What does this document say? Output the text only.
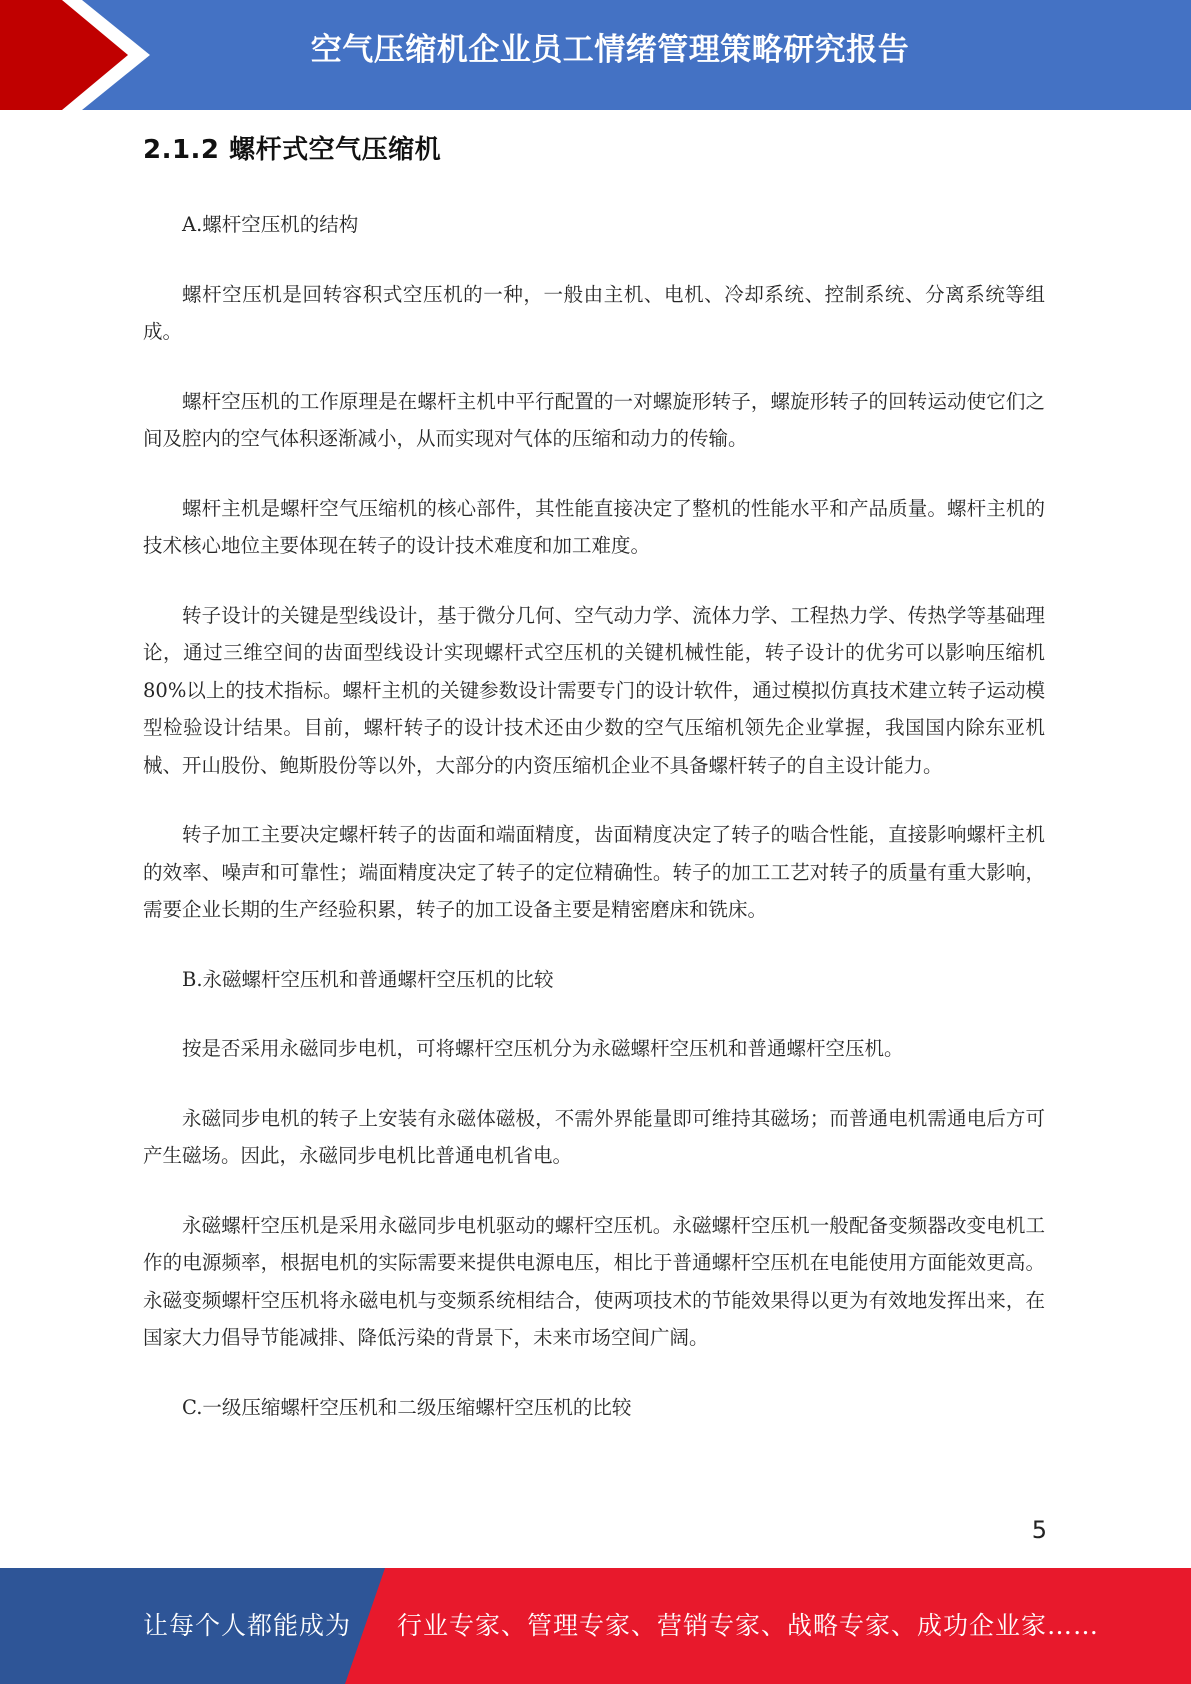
空气压缩机企业员工情绪管理策略研究报告
2.1.2 螺杆式空气压缩机

A.螺杆空压机的结构

螺杆空压机是回转容积式空压机的一种，一般由主机、电机、冷却系统、控制系统、分离系统等组成。

螺杆空压机的工作原理是在螺杆主机中平行配置的一对螺旋形转子，螺旋形转子的回转运动使它们之间及腔内的空气体积逐渐减小，从而实现对气体的压缩和动力的传输。

螺杆主机是螺杆空气压缩机的核心部件，其性能直接决定了整机的性能水平和产品质量。螺杆主机的技术核心地位主要体现在转子的设计技术难度和加工难度。

转子设计的关键是型线设计，基于微分几何、空气动力学、流体力学、工程热力学、传热学等基础理论，通过三维空间的齿面型线设计实现螺杆式空压机的关键机械性能，转子设计的优劣可以影响压缩机 80%以上的技术指标。螺杆主机的关键参数设计需要专门的设计软件，通过模拟仿真技术建立转子运动模型检验设计结果。目前，螺杆转子的设计技术还由少数的空气压缩机领先企业掌握，我国国内除东亚机械、开山股份、鲍斯股份等以外，大部分的内资压缩机企业不具备螺杆转子的自主设计能力。

转子加工主要决定螺杆转子的齿面和端面精度，齿面精度决定了转子的啮合性能，直接影响螺杆主机的效率、噪声和可靠性；端面精度决定了转子的定位精确性。转子的加工工艺对转子的质量有重大影响，需要企业长期的生产经验积累，转子的加工设备主要是精密磨床和铣床。

B.永磁螺杆空压机和普通螺杆空压机的比较

按是否采用永磁同步电机，可将螺杆空压机分为永磁螺杆空压机和普通螺杆空压机。

永磁同步电机的转子上安装有永磁体磁极，不需外界能量即可维持其磁场；而普通电机需通电后方可产生磁场。因此，永磁同步电机比普通电机省电。

永磁螺杆空压机是采用永磁同步电机驱动的螺杆空压机。永磁螺杆空压机一般配备变频器改变电机工作的电源频率，根据电机的实际需要来提供电源电压，相比于普通螺杆空压机在电能使用方面能效更高。永磁变频螺杆空压机将永磁电机与变频系统相结合，使两项技术的节能效果得以更为有效地发挥出来，在国家大力倡导节能减排、降低污染的背景下，未来市场空间广阔。

C.一级压缩螺杆空压机和二级压缩螺杆空压机的比较

5
让每个人都能成为 行业专家、管理专家、营销专家、战略专家、成功企业家……
